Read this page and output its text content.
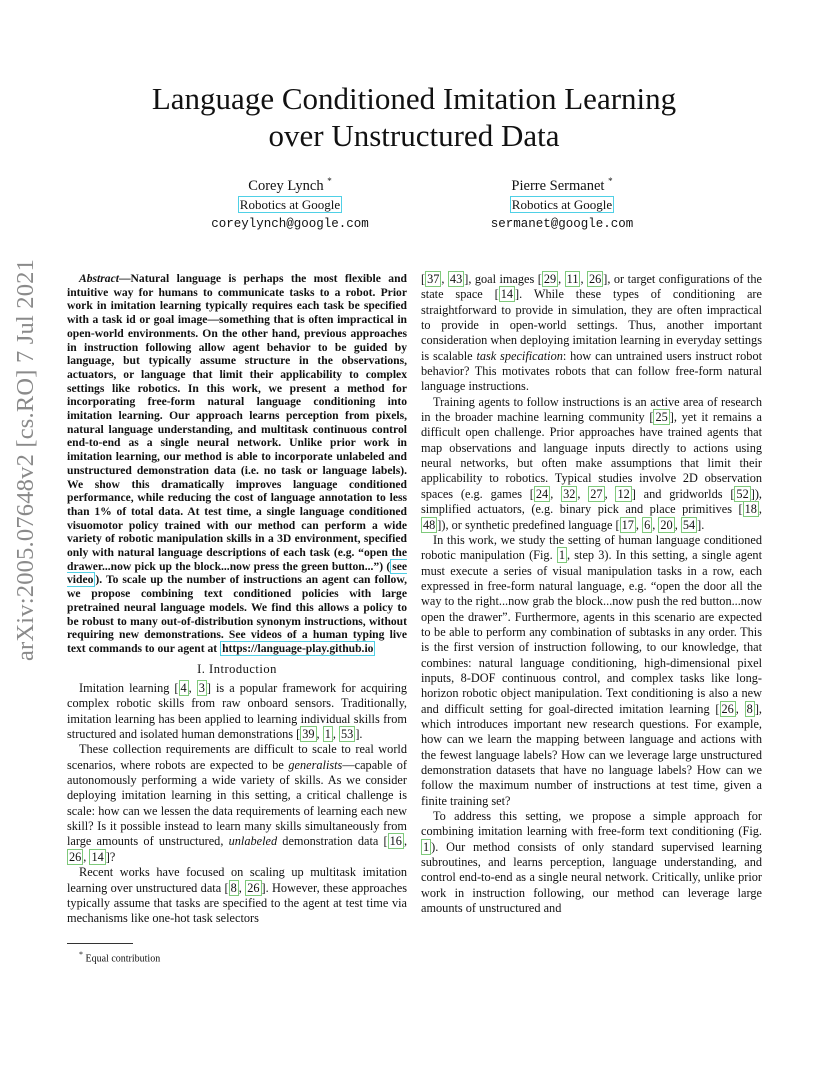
arXiv:2005.07648v2 [cs.RO] 7 Jul 2021
Language Conditioned Imitation Learning
over Unstructured Data
Corey Lynch *
Robotics at Google
coreylynch@google.com
Pierre Sermanet *
Robotics at Google
sermanet@google.com

Abstract—Natural language is perhaps the most flexible and intuitive way for humans to communicate tasks to a robot. Prior work in imitation learning typically requires each task be specified with a task id or goal image—something that is often impractical in open-world environments. On the other hand, previous approaches in instruction following allow agent behavior to be guided by language, but typically assume structure in the observations, actuators, or language that limit their applicability to complex settings like robotics. In this work, we present a method for incorporating free-form natural language conditioning into imitation learning. Our approach learns perception from pixels, natural language understanding, and multitask continuous control end-to-end as a single neural network. Unlike prior work in imitation learning, our method is able to incorporate unlabeled and unstructured demonstration data (i.e. no task or language labels). We show this dramatically improves language conditioned performance, while reducing the cost of language annotation to less than 1% of total data. At test time, a single language conditioned visuomotor policy trained with our method can perform a wide variety of robotic manipulation skills in a 3D environment, specified only with natural language descriptions of each task (e.g. “open the drawer...now pick up the block...now press the green button...”) ( see video ). To scale up the number of instructions an agent can follow, we propose combining text conditioned policies with large pretrained neural language models. We find this allows a policy to be robust to many out-of-distribution synonym instructions, without requiring new demonstrations. See videos of a human typing live text commands to our agent at https://language-play.github.io

I. Introduction

Imitation learning [ 4 , 3 ] is a popular framework for acquiring complex robotic skills from raw onboard sensors. Traditionally, imitation learning has been applied to learning individual skills from structured and isolated human demonstrations [ 39 , 1 , 53 ].

These collection requirements are difficult to scale to real world scenarios, where robots are expected to be generalists—capable of autonomously performing a wide variety of skills. As we consider deploying imitation learning in this setting, a critical challenge is scale: how can we lessen the data requirements of learning each new skill? Is it possible instead to learn many skills simultaneously from large amounts of unstructured, unlabeled demonstration data [ 16 , 26 , 14 ]?

Recent works have focused on scaling up multitask imitation learning over unstructured data [ 8 , 26 ]. However, these approaches typically assume that tasks are specified to the agent at test time via mechanisms like one-hot task selectors

* Equal contribution

[ 37 , 43 ], goal images [ 29 , 11 , 26 ], or target configurations of the state space [ 14 ]. While these types of conditioning are straightforward to provide in simulation, they are often impractical to provide in open-world settings. Thus, another important consideration when deploying imitation learning in everyday settings is scalable task specification: how can untrained users instruct robot behavior? This motivates robots that can follow free-form natural language instructions.

Training agents to follow instructions is an active area of research in the broader machine learning community [ 25 ], yet it remains a difficult open challenge. Prior approaches have trained agents that map observations and language inputs directly to actions using neural networks, but often make assumptions that limit their applicability to robotics. Typical studies involve 2D observation spaces (e.g. games [ 24 , 32 , 27 , 12 ] and gridworlds [ 52 ]), simplified actuators, (e.g. binary pick and place primitives [ 18 , 48 ]), or synthetic predefined language [ 17 , 6 , 20 , 54 ].

In this work, we study the setting of human language conditioned robotic manipulation (Fig. 1 , step 3). In this setting, a single agent must execute a series of visual manipulation tasks in a row, each expressed in free-form natural language, e.g. “open the door all the way to the right...now grab the block...now push the red button...now open the drawer”. Furthermore, agents in this scenario are expected to be able to perform any combination of subtasks in any order. This is the first version of instruction following, to our knowledge, that combines: natural language conditioning, high-dimensional pixel inputs, 8-DOF continuous control, and complex tasks like long-horizon robotic object manipulation. Text conditioning is also a new and difficult setting for goal-directed imitation learning [ 26 , 8 ], which introduces important new research questions. For example, how can we learn the mapping between language and actions with the fewest language labels? How can we leverage large unstructured demonstration datasets that have no language labels? How can we follow the maximum number of instructions at test time, given a finite training set?

To address this setting, we propose a simple approach for combining imitation learning with free-form text conditioning (Fig. 1 ). Our method consists of only standard supervised learning subroutines, and learns perception, language understanding, and control end-to-end as a single neural network. Critically, unlike prior work in instruction following, our method can leverage large amounts of unstructured and
